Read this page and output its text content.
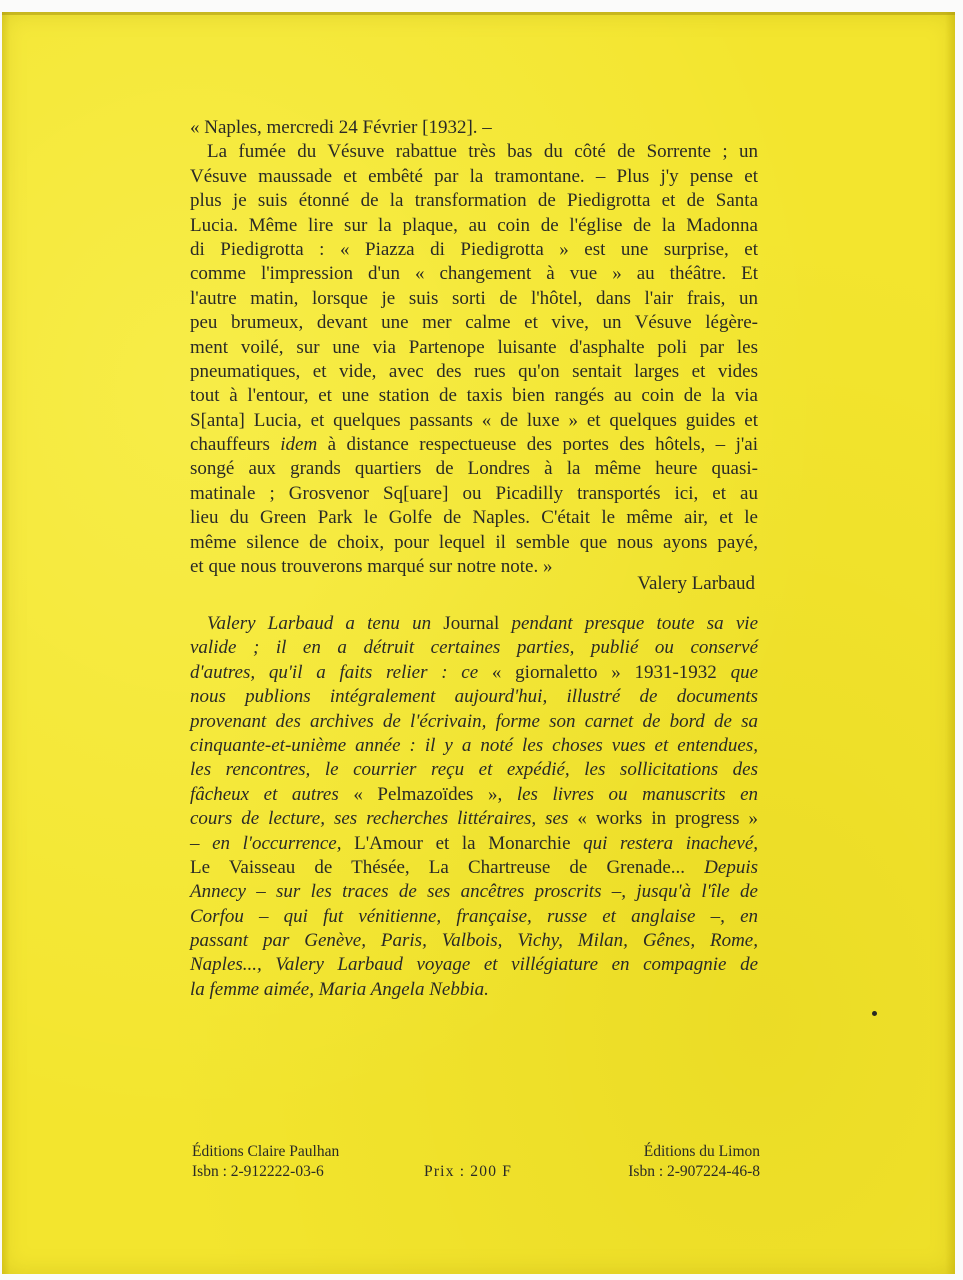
« Naples, mercredi 24 Février [1932]. –
La fumée du Vésuve rabattue très bas du côté de Sorrente ; un
Vésuve maussade et embêté par la tramontane. – Plus j'y pense et
plus je suis étonné de la transformation de Piedigrotta et de Santa
Lucia. Même lire sur la plaque, au coin de l'église de la Madonna
di Piedigrotta : « Piazza di Piedigrotta » est une surprise, et
comme l'impression d'un « changement à vue » au théâtre. Et
l'autre matin, lorsque je suis sorti de l'hôtel, dans l'air frais, un
peu brumeux, devant une mer calme et vive, un Vésuve légère-
ment voilé, sur une via Partenope luisante d'asphalte poli par les
pneumatiques, et vide, avec des rues qu'on sentait larges et vides
tout à l'entour, et une station de taxis bien rangés au coin de la via
S[anta] Lucia, et quelques passants « de luxe » et quelques guides et
chauffeurs idem à distance respectueuse des portes des hôtels, – j'ai
songé aux grands quartiers de Londres à la même heure quasi-
matinale ; Grosvenor Sq[uare] ou Picadilly transportés ici, et au
lieu du Green Park le Golfe de Naples. C'était le même air, et le
même silence de choix, pour lequel il semble que nous ayons payé,
et que nous trouverons marqué sur notre note. »
Valery Larbaud
Valery Larbaud a tenu un Journal pendant presque toute sa vie
valide ; il en a détruit certaines parties, publié ou conservé
d'autres, qu'il a faits relier : ce « giornaletto » 1931-1932 que
nous publions intégralement aujourd'hui, illustré de documents
provenant des archives de l'écrivain, forme son carnet de bord de sa
cinquante-et-unième année : il y a noté les choses vues et entendues,
les rencontres, le courrier reçu et expédié, les sollicitations des
fâcheux et autres « Pelmazoïdes », les livres ou manuscrits en
cours de lecture, ses recherches littéraires, ses « works in progress »
– en l'occurrence, L'Amour et la Monarchie qui restera inachevé,
Le Vaisseau de Thésée, La Chartreuse de Grenade... Depuis
Annecy – sur les traces de ses ancêtres proscrits –, jusqu'à l'île de
Corfou – qui fut vénitienne, française, russe et anglaise –, en
passant par Genève, Paris, Valbois, Vichy, Milan, Gênes, Rome,
Naples..., Valery Larbaud voyage et villégiature en compagnie de
la femme aimée, Maria Angela Nebbia.
Éditions Claire Paulhan
Isbn : 2-912222-03-6	Prix : 200 F
Éditions du Limon
Isbn : 2-907224-46-8
